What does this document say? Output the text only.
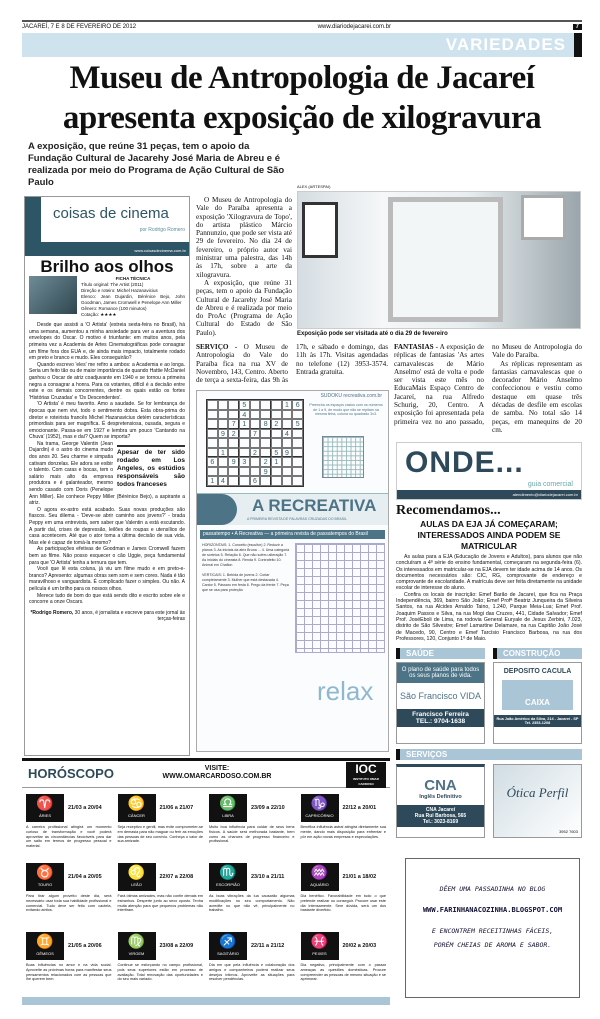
JACAREÍ, 7 E 8 DE FEVEREIRO DE 2012	www.diariodejacarei.com.br	7
VARIEDADES
Museu de Antropologia de Jacareí
apresenta exposição de xilogravura
A exposição, que reúne 31 peças, tem o apoio da Fundação Cultural de Jacarehy José Maria de Abreu e é realizada por meio do Programa de Ação Cultural de São Paulo
coisas de cinema
por Rodrigo Romero
www.coisasdecinema.com.br
Brilho aos olhos
FICHA TÉCNICA
Título original: The Artist (2011)
Direção e roteiro: Michel Hazanavicius
Elenco: Jean Dujardin, Bérénice Bejo, John Goodman, James Cromwell e Penelope Ann Miller
Gênero: Romance (100 minutos)
Cotação: ★★★★

Desde que assisti a 'O Artista' (estreia sexta-feira no Brasil), há uma semana, aumentou a minha ansiedade para ver a aventura dos envelopes do Oscar. O motivo é triunfante: em muitos anos, pela primeira vez a Academia de Artes Cinematográficas pode consagrar um filme fora dos EUA e, de ainda mais impacto, totalmente rodado em preto e branco e mudo. Eles conseguirão?

Quando escrevo 'eles' me refiro a ambos: a Academia e ao longa. Seria um feito tão ou de maior importância de quando Hattie McDaniel ganhou o Oscar de atriz coadjuvante em 1940 e se tornou a primeira negra a consagrar a honra. Para os votantes, difícil é a decisão entre este e os demais concorrentes, dentre os quais estão os fortes 'Histórias Cruzadas' e 'Os Descendentes'.

'O Artista' é meu favorito. Amo a saudade. Se for lembrança de épocas que nem vivi, todo o sentimento dobra. Esta obra-prima do diretor e roteirista francês Michel Hazanavicius detém características primordiais para ser magnífica. É despretensiosa, ousada, segura e emocionante. Passa-se em 1927 e lembra um pouco 'Cantando na Chuva' (1952), mas e daí? Quem se importa?

Apesar de ter sido rodado em Los Angeles, os estúdios responsáveis são todos franceses

Na trama, George Valentin (Jean Dujardin) é o astro do cinema mudo dos anos 20. Seu charme e simpatia cativam donzelas. Ele adora se exibir o talento. Com caras e bocas, tem o salário mais alto da empresa produtora e é galanteador, mesmo sendo casado com Doris (Penelope Ann Miller). Ele conhece Peppy Miller (Bérénice Bejo), a aspirante a atriz.

O agora ex-astro está acabado. Suas novas produções são fiascos. Seu dilema - 'Deve-se abrir caminho aos jovens?' - brada Peppy em uma entrevista, sem saber que Valentin a está escutando. A partir daí, crises de depressão, leilões de roupas e utensílios de casa acontecem. Até que o ator toma a última decisão de sua vida. Mas ele é capaz de tomá-la mesmo?

As participações efetivas de Goodman e James Cromwell fazem bem ao filme. Não posso esquecer o cão Uggie, peça fundamental para que 'O Artista' tenha a ternura que tem.

Você que lê esta coluna, já viu um filme mudo e em preto-e-branco? Apresento: algumas obras sem som e sem cores. Nada é tão maravilhoso e vanguardista. É complicado fazer o simples. Ou não. A película é um brilho para os nossos olhos.

Merece tudo de bom do que está sendo dito e escrito sobre ele e concorre a onze Oscars.

*Rodrigo Romero, 30 anos, é jornalista e escreve para este jornal às terças-feiras

O Museu de Antropologia do Vale do Paraíba apresenta a exposição 'Xilogravura de Topo', do artista plástico Márcio Pannunzio, que pode ser vista até 29 de fevereiro. No dia 24 de fevereiro, o próprio autor vai ministrar uma palestra, das 14h às 17h, sobre a arte da xilogravura.

A exposição, que reúne 31 peças, tem o apoio da Fundação Cultural de Jacarehy José Maria de Abreu e é realizada por meio do ProAc (Programa de Ação Cultural do Estado de São Paulo).

ALEX (ARTESPAI)
Exposição pode ser visitada até o dia 29 de fevereiro
SERVIÇO - O Museu de Antropologia do Vale do Paraíba fica na rua XV de Novembro, 143, Centro. Aberto de terça a sexta-feira, das 9h às 17h, e sábado e domingo, das 11h às 17h. Visitas agendadas no telefone (12) 3953-3574. Entrada gratuita.
FANTASIAS - A exposição de réplicas de fantasias 'As artes carnavalescas de Mário Anselmo' está de volta e pode ser vista este mês no EducaMais Espaço Centro de Jacareí, na rua Alfredo Schurig, 20, Centro. A exposição foi apresentada pela primeira vez no ano passado, no Museu de Antropologia do Vale do Paraíba.

As réplicas representam as fantasias carnavalescas que o decorador Mário Anselmo confeccionou e vestiu como destaque em quase três décadas de desfile em escolas de samba. No total são 14 peças, em manequins de 20 cm.

SUDOKU recreativa.com.br
5	1 6
4
7 1	8 2	5
9 2	7	4
1	2	5 9
6	9 3	2 1
9
1 4	6
Preencha os espaços vazios com os números de 1 a 9, de modo que não se repitam na mesma linha, coluna ou quadrado 3x3.
A RECREATIVA
A PRIMEIRA REVISTA DE PALAVRAS CRUZADAS DO BRASIL
passatempo • A Recreativa — a primeira revista de passatempos do Brasil

HORIZONTAIS: 1. Conceito (escultor) 2. Reduzir a planos 3. As iniciais da atriz Bruna ... 4. Uma categoria de sorteios 5. Relação 6. Que não sofreu alteração 7. As iniciais do cineasta 8. Renda 9. Contrafeito 10. Animal em Chaflon

VERTICAIS: 1. Bebida de jovens 2. Cortar completamente 3. Mulher que está destacada 4. Cantor 5. Pássaro em festa 6. Prego da frente 7. Peça que se usa para proteção

relax
ONDE...
guia comercial
atendimento@diariodejacarei.com.br
Recomendamos...
AULAS DA EJA JÁ COMEÇARAM;
INTERESSADOS AINDA PODEM SE MATRICULAR

As aulas para a EJA (Educação de Jovens e Adultos), para alunos que não concluíram a 4ª série do ensino fundamental, começaram na segunda-feira (6). Os interessados em matricular-se na EJA devem ter idade acima de 14 anos. Os documentos necessários são: CIC, RG, comprovante de endereço e comprovante de escolaridade. A matrícula deve ser feita diretamente na unidade escolar de interesse do aluno.

Confira os locais de inscrição: Emef Barão de Jacareí, que fica na Praça Independência, 369, bairro São João; Emef Profª Beatriz Junqueira da Silveira Santos, na rua Alcides Arnaldo Taino, 1.240, Parque Meia-Lua; Emef Prof. Joaquim Passos e Silva, na rua Mogi das Cruzes, 441, Cidade Salvador; Emef Prof. JoséEboli de Lima, na rodovia General Euryale de Jesus Zerbini, 7.023, distrito de São Silvestre; Emef Lamartine Delamare, na rua Capitão João José de Macedo, 90, Centro e Emef Tarcísio Francisco Barbosa, na rua dos Professores, 120, Conjunto 1º de Maio.

SAÚDE
O plano de saúde para todos os seus planos de vida.
São Francisco VIDA
Francisco Ferreira
TEL.: 9704-1638
CONSTRUÇÃO
DEPOSITO CACULA
CAIXA
Rua João Américo da Silva, 214 - Jacareí - SP
Tel. 2353-1208
SERVIÇOS
CNA
Inglês Definitivo
CNA Jacareí
Rua Rui Barbosa, 565
Tel.: 3023-8169
Ótica Perfil
3952 7603

DÊEM UMA PASSADINHA NO BLOG

WWW.FARINHANACOZINHA.BLOGSPOT.COM

E ENCONTREM RECEITINHAS FÁCEIS,

PORÉM CHEIAS DE AROMA E SABOR.

HORÓSCOPO	VISITE:
WWW.OMARCARDOSO.COM.BR
IOC
INSTITUTO OMAR CARDOSO
♈
ÁRIES
21/03 a 20/04
A carreira profissional atingirá um momento curioso de transformação e você poderá aproveitar as circunstâncias favoráveis para dar um salto em termos de progresso pessoal e material.
♋
CÂNCER
21/06 a 21/07
Seja receptivo e gentil, mas evite comprometer-se em demasia para não magoar ou ferir as emoções das pessoas de seu convívio. Conheça o valor de sua amizade.
♎
LIBRA
23/09 a 22/10
Muito boa influência para cuidar de seus bens físicos. A saúde será melhorada bastante, bem como as chances de progresso financeiro e profissional.
♑
CAPRICÓRNIO
22/12 a 20/01
Benéfica influência astral atingirá diretamente sua mente, dando mais disposição para enfrentar e pôr em ação novas empresas e especulações.
♉
TOURO
21/04 a 20/05
Para tirar algum proveito deste dia, será necessário usar toda sua habilidade profissional e comercial. Tudo deve ser feito com cautela, evitando atritos.
♌
LEÃO
22/07 a 22/08
Fará ótimas amizades, mas não confie demais em estranhos. Desperte junto ao sexo oposto. Tenha muita atenção para que pequenos problemas não interfiram.
♏
ESCORPIÃO
23/10 a 21/11
As boas vibrações da lua causarão algumas modificações no seu comportamento. Não acredite no que não vê, principalmente no trabalho.
♒
AQUÁRIO
21/01 a 18/02
Dia benéfico. Favorabilidade em tudo o que pretende realizar ou conseguir. Procure usar este dia intensamente. Sem dúvida, será um dos bastante divertido.
♊
GÊMEOS
21/05 a 20/06
Boas influências no amor e na vida social. Aproveite as próximas horas para manifestar seus pensamentos relacionados com as pessoas que lhe querem bem.
♍
VIRGEM
23/08 a 22/09
Continue se esforçando no campo profissional, pois seus superiores estão em processo de avaliação. Total renovação das oportunidades e do seu mais variado.
♐
SAGITÁRIO
22/11 a 21/12
Dia em que pela influência e colaboração dos amigos e companheiros poderá realizar seus desejos íntimos. Aproveite as situações para resolver pendências.
♓
PEIXES
20/02 a 20/03
Dia negativo, principalmente com o passar ameaças as questões domésticas. Procure compreender as pessoas de mesmo situação e se aprimorar.
